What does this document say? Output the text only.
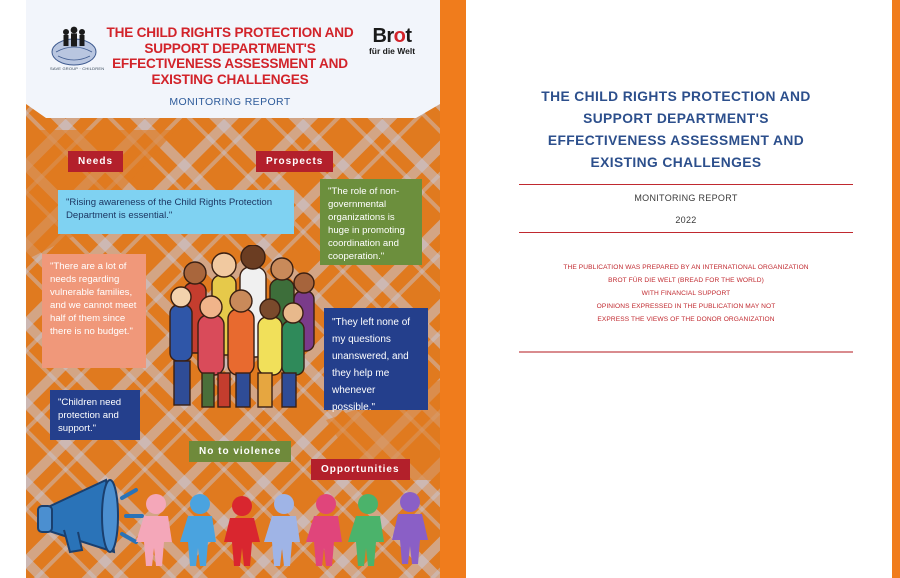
SAVE GROUP · CHILDREN
THE CHILD RIGHTS PROTECTION AND
SUPPORT DEPARTMENT'S
EFFECTIVENESS ASSESSMENT AND
EXISTING CHALLENGES
MONITORING REPORT
Brot
für die Welt
Needs	Prospects
No to violence
Opportunities
"Rising awareness of the Child Rights Protection Department is essential."
"The role of non-governmental organizations is huge in promoting coordination and cooperation."
"There are a lot of needs regarding vulnerable families, and we cannot meet half of them since there is no budget."
"They left none of my questions unanswered, and they help me whenever possible."
"Children need protection and support."
THE CHILD RIGHTS PROTECTION AND
SUPPORT DEPARTMENT'S
EFFECTIVENESS ASSESSMENT AND
EXISTING CHALLENGES
MONITORING REPORT
2022
THE PUBLICATION WAS PREPARED BY AN INTERNATIONAL ORGANIZATION
BROT FÜR DIE WELT (BREAD FOR THE WORLD)
WITH FINANCIAL SUPPORT
OPINIONS EXPRESSED IN THE PUBLICATION MAY NOT
EXPRESS THE VIEWS OF THE DONOR ORGANIZATION
